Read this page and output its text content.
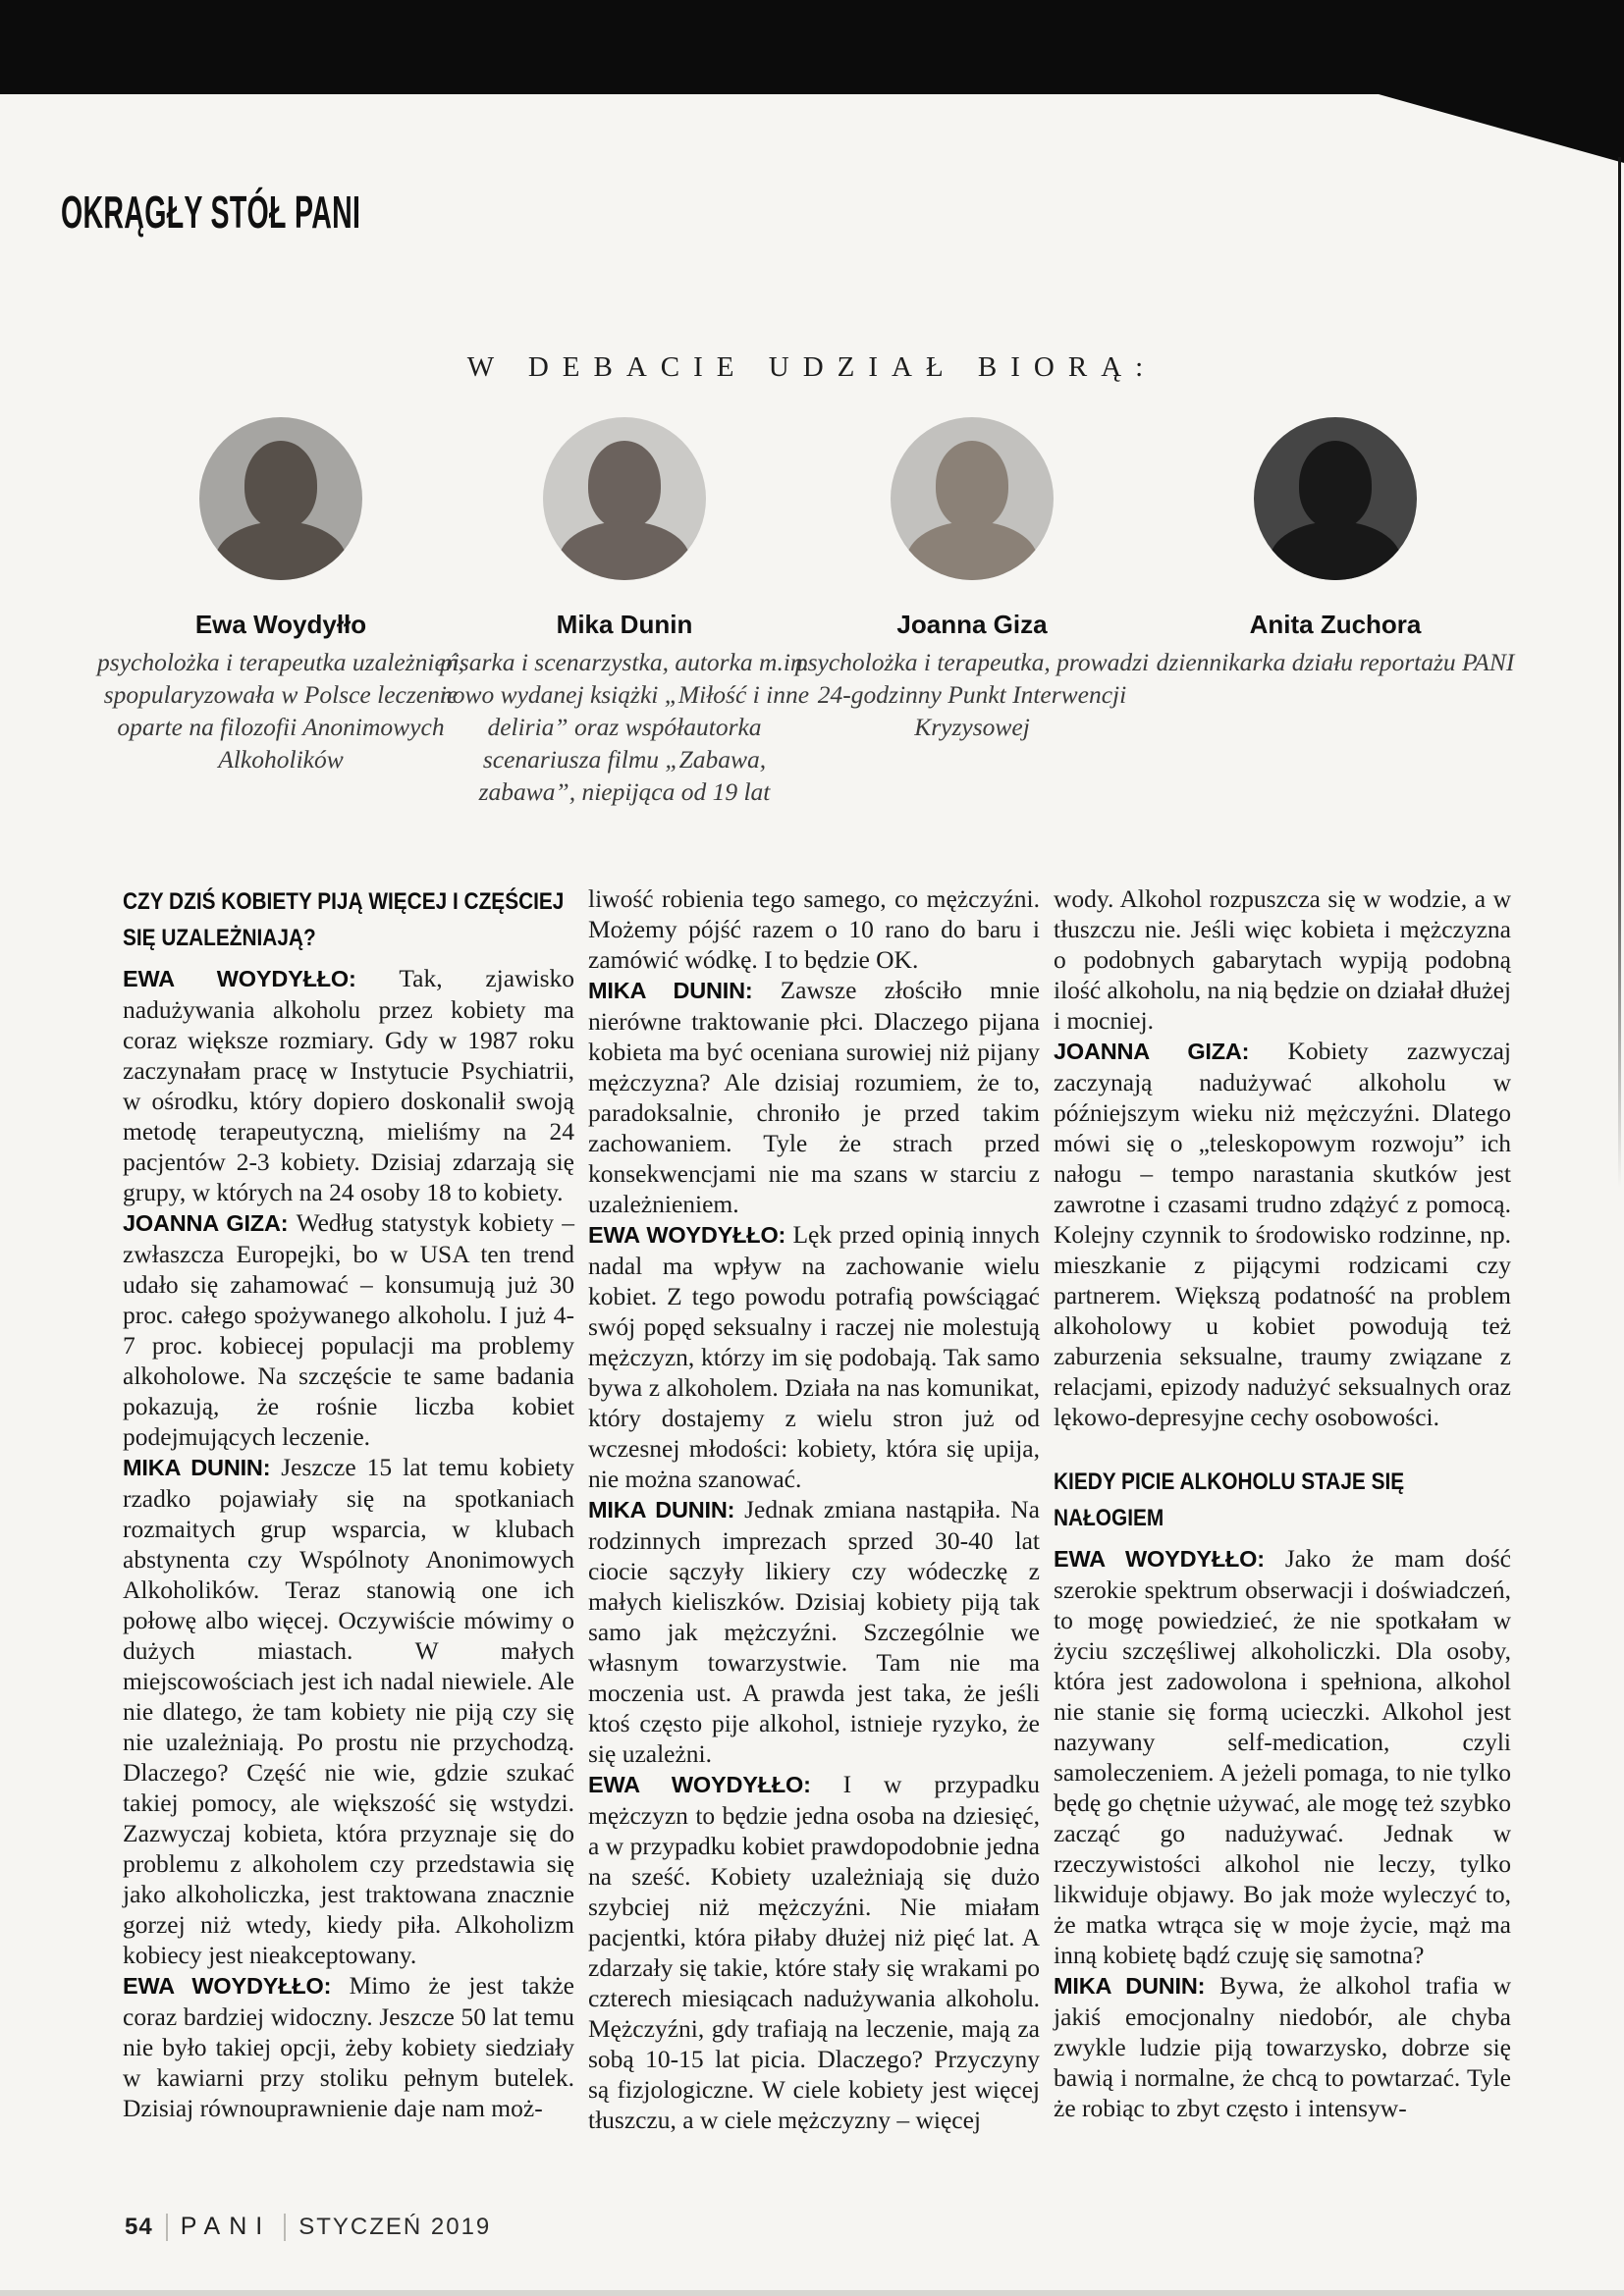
OKRĄGŁY STÓŁ PANI
W DEBACIE UDZIAŁ BIORĄ:
Ewa Woydyłło
psycholożka i terapeutka uzależnień, spopularyzowała w Polsce leczenie oparte na filozofii Anonimowych Alkoholików
Mika Dunin
pisarka i scenarzystka, autorka m.in. nowo wydanej książki „Miłość i inne deliria” oraz współautorka scenariusza filmu „Zabawa, zabawa”, niepijąca od 19 lat
Joanna Giza
psycholożka i terapeutka, prowadzi 24-godzinny Punkt Interwencji Kryzysowej
Anita Zuchora
dziennikarka działu reportażu PANI
CZY DZIŚ KOBIETY PIJĄ WIĘCEJ I CZĘŚCIEJ SIĘ UZALEŻNIAJĄ?

EWA WOYDYŁŁO: Tak, zjawisko nadużywania alkoholu przez kobiety ma coraz większe rozmiary. Gdy w 1987 roku zaczynałam pracę w Instytucie Psychiatrii, w ośrodku, który dopiero doskonalił swoją metodę terapeutyczną, mieliśmy na 24 pacjentów 2-3 kobiety. Dzisiaj zdarzają się grupy, w których na 24 osoby 18 to kobiety.

JOANNA GIZA: Według statystyk kobiety – zwłaszcza Europejki, bo w USA ten trend udało się zahamować – konsumują już 30 proc. całego spożywanego alkoholu. I już 4-7 proc. kobiecej populacji ma problemy alkoholowe. Na szczęście te same badania pokazują, że rośnie liczba kobiet podejmujących leczenie.

MIKA DUNIN: Jeszcze 15 lat temu kobiety rzadko pojawiały się na spotkaniach rozmaitych grup wsparcia, w klubach abstynenta czy Wspólnoty Anonimowych Alkoholików. Teraz stanowią one ich połowę albo więcej. Oczywiście mówimy o dużych miastach. W małych miejscowościach jest ich nadal niewiele. Ale nie dlatego, że tam kobiety nie piją czy się nie uzależniają. Po prostu nie przychodzą. Dlaczego? Część nie wie, gdzie szukać takiej pomocy, ale większość się wstydzi. Zazwyczaj kobieta, która przyznaje się do problemu z alkoholem czy przedstawia się jako alkoholiczka, jest traktowana znacznie gorzej niż wtedy, kiedy piła. Alkoholizm kobiecy jest nieakceptowany.

EWA WOYDYŁŁO: Mimo że jest także coraz bardziej widoczny. Jeszcze 50 lat temu nie było takiej opcji, żeby kobiety siedziały w kawiarni przy stoliku pełnym butelek. Dzisiaj równouprawnienie daje nam moż-

liwość robienia tego samego, co mężczyźni. Możemy pójść razem o 10 rano do baru i zamówić wódkę. I to będzie OK.

MIKA DUNIN: Zawsze złościło mnie nierówne traktowanie płci. Dlaczego pijana kobieta ma być oceniana surowiej niż pijany mężczyzna? Ale dzisiaj rozumiem, że to, paradoksalnie, chroniło je przed takim zachowaniem. Tyle że strach przed konsekwencjami nie ma szans w starciu z uzależnieniem.

EWA WOYDYŁŁO: Lęk przed opinią innych nadal ma wpływ na zachowanie wielu kobiet. Z tego powodu potrafią powściągać swój popęd seksualny i raczej nie molestują mężczyzn, którzy im się podobają. Tak samo bywa z alkoholem. Działa na nas komunikat, który dostajemy z wielu stron już od wczesnej młodości: kobiety, która się upija, nie można szanować.

MIKA DUNIN: Jednak zmiana nastąpiła. Na rodzinnych imprezach sprzed 30-40 lat ciocie sączyły likiery czy wódeczkę z małych kieliszków. Dzisiaj kobiety piją tak samo jak mężczyźni. Szczególnie we własnym towarzystwie. Tam nie ma moczenia ust. A prawda jest taka, że jeśli ktoś często pije alkohol, istnieje ryzyko, że się uzależni.

EWA WOYDYŁŁO: I w przypadku mężczyzn to będzie jedna osoba na dziesięć, a w przypadku kobiet prawdopodobnie jedna na sześć. Kobiety uzależniają się dużo szybciej niż mężczyźni. Nie miałam pacjentki, która piłaby dłużej niż pięć lat. A zdarzały się takie, które stały się wrakami po czterech miesiącach nadużywania alkoholu. Mężczyźni, gdy trafiają na leczenie, mają za sobą 10-15 lat picia. Dlaczego? Przyczyny są fizjologiczne. W ciele kobiety jest więcej tłuszczu, a w ciele mężczyzny – więcej

wody. Alkohol rozpuszcza się w wodzie, a w tłuszczu nie. Jeśli więc kobieta i mężczyzna o podobnych gabarytach wypiją podobną ilość alkoholu, na nią będzie on działał dłużej i mocniej.

JOANNA GIZA: Kobiety zazwyczaj zaczynają nadużywać alkoholu w późniejszym wieku niż mężczyźni. Dlatego mówi się o „teleskopowym rozwoju” ich nałogu – tempo narastania skutków jest zawrotne i czasami trudno zdążyć z pomocą. Kolejny czynnik to środowisko rodzinne, np. mieszkanie z pijącymi rodzicami czy partnerem. Większą podatność na problem alkoholowy u kobiet powodują też zaburzenia seksualne, traumy związane z relacjami, epizody nadużyć seksualnych oraz lękowo-depresyjne cechy osobowości.

KIEDY PICIE ALKOHOLU STAJE SIĘ NAŁOGIEM

EWA WOYDYŁŁO: Jako że mam dość szerokie spektrum obserwacji i doświadczeń, to mogę powiedzieć, że nie spotkałam w życiu szczęśliwej alkoholiczki. Dla osoby, która jest zadowolona i spełniona, alkohol nie stanie się formą ucieczki. Alkohol jest nazywany self-medication, czyli samoleczeniem. A jeżeli pomaga, to nie tylko będę go chętnie używać, ale mogę też szybko zacząć go nadużywać. Jednak w rzeczywistości alkohol nie leczy, tylko likwiduje objawy. Bo jak może wyleczyć to, że matka wtrąca się w moje życie, mąż ma inną kobietę bądź czuję się samotna?

MIKA DUNIN: Bywa, że alkohol trafia w jakiś emocjonalny niedobór, ale chyba zwykle ludzie piją towarzysko, dobrze się bawią i normalne, że chcą to powtarzać. Tyle że robiąc to zbyt często i intensyw-

54 PANI STYCZEŃ 2019
